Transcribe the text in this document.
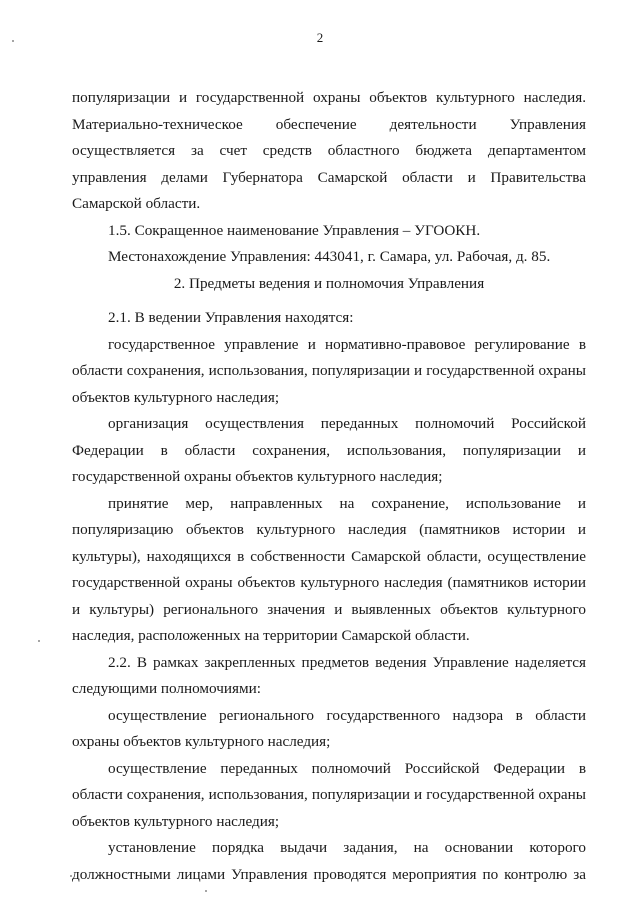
2

популяризации и государственной охраны объектов культурного наследия. Материально-техническое обеспечение деятельности Управления осуществляется за счет средств областного бюджета департаментом управления делами Губернатора Самарской области и Правительства Самарской области.

1.5. Сокращенное наименование Управления – УГООКН.

Местонахождение Управления: 443041, г. Самара, ул. Рабочая, д. 85.

2. Предметы ведения и полномочия Управления

2.1. В ведении Управления находятся:

государственное управление и нормативно-правовое регулирование в области сохранения, использования, популяризации и государственной охраны объектов культурного наследия;

организация осуществления переданных полномочий Российской Федерации в области сохранения, использования, популяризации и государственной охраны объектов культурного наследия;

принятие мер, направленных на сохранение, использование и популяризацию объектов культурного наследия (памятников истории и культуры), находящихся в собственности Самарской области, осуществление государственной охраны объектов культурного наследия (памятников истории и культуры) регионального значения и выявленных объектов культурного наследия, расположенных на территории Самарской области.

2.2. В рамках закрепленных предметов ведения Управление наделяется следующими полномочиями:

осуществление регионального государственного надзора в области охраны объектов культурного наследия;

осуществление переданных полномочий Российской Федерации в области сохранения, использования, популяризации и государственной охраны объектов культурного наследия;

установление порядка выдачи задания, на основании которого должностными лицами Управления проводятся мероприятия по контролю за
